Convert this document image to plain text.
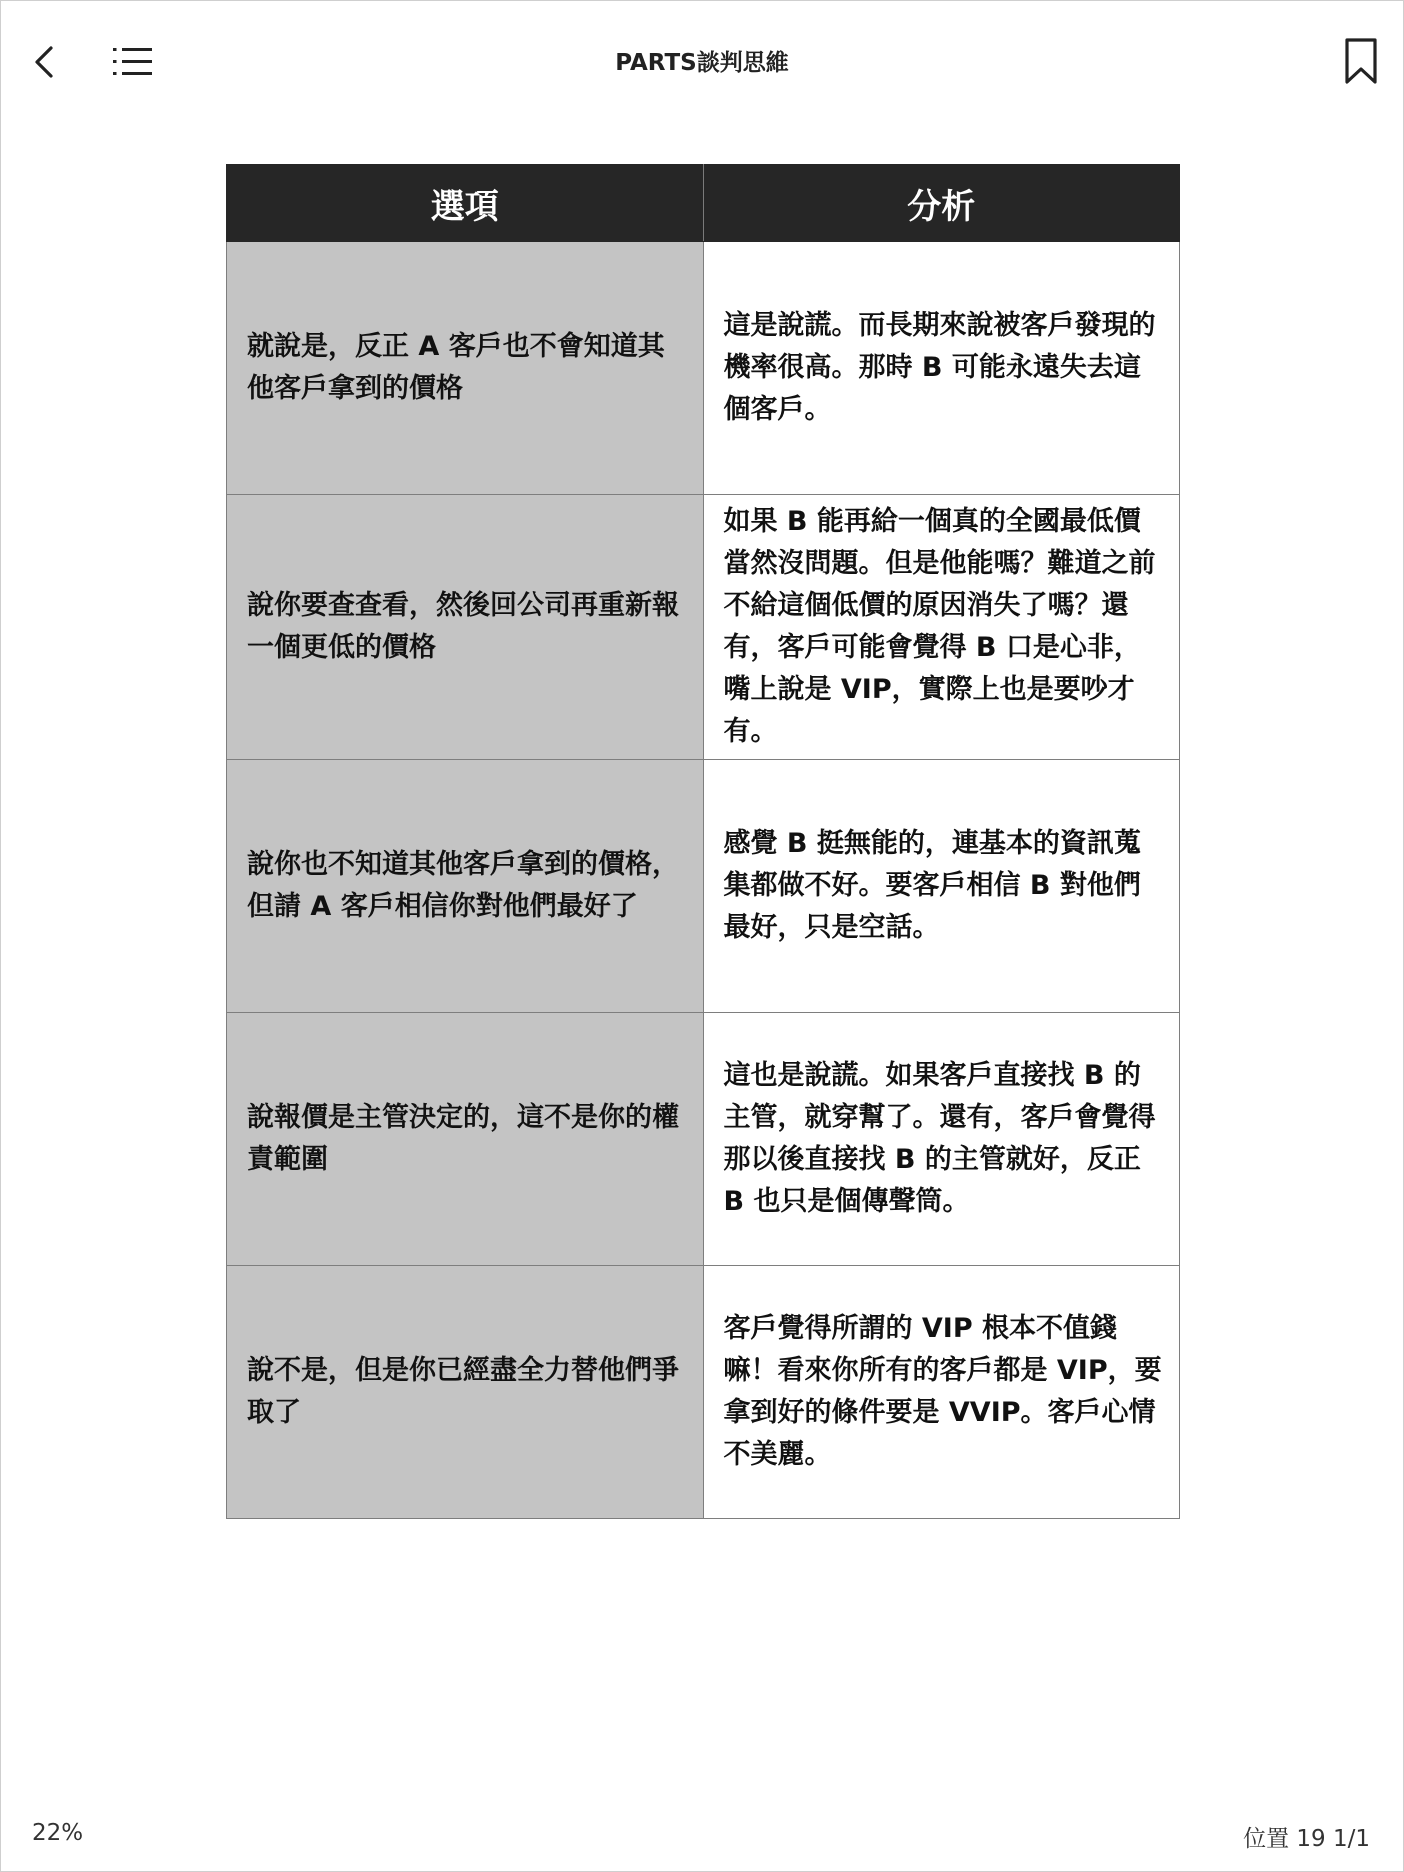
PARTS談判思維
選項	分析
就說是，反正 A 客戶也不會知道其他客戶拿到的價格	這是說謊。而長期來說被客戶發現的機率很高。那時 B 可能永遠失去這個客戶。
說你要查查看，然後回公司再重新報一個更低的價格	如果 B 能再給一個真的全國最低價當然沒問題。但是他能嗎？難道之前不給這個低價的原因消失了嗎？還有，客戶可能會覺得 B 口是心非，嘴上說是 VIP，實際上也是要吵才有。
說你也不知道其他客戶拿到的價格，但請 A 客戶相信你對他們最好了	感覺 B 挺無能的，連基本的資訊蒐集都做不好。要客戶相信 B 對他們最好，只是空話。
說報價是主管決定的，這不是你的權責範圍	這也是說謊。如果客戶直接找 B 的主管，就穿幫了。還有，客戶會覺得那以後直接找 B 的主管就好，反正 B 也只是個傳聲筒。
說不是，但是你已經盡全力替他們爭取了	客戶覺得所謂的 VIP 根本不值錢嘛！看來你所有的客戶都是 VIP，要拿到好的條件要是 VVIP。客戶心情不美麗。
22%	位置 19 1/1
